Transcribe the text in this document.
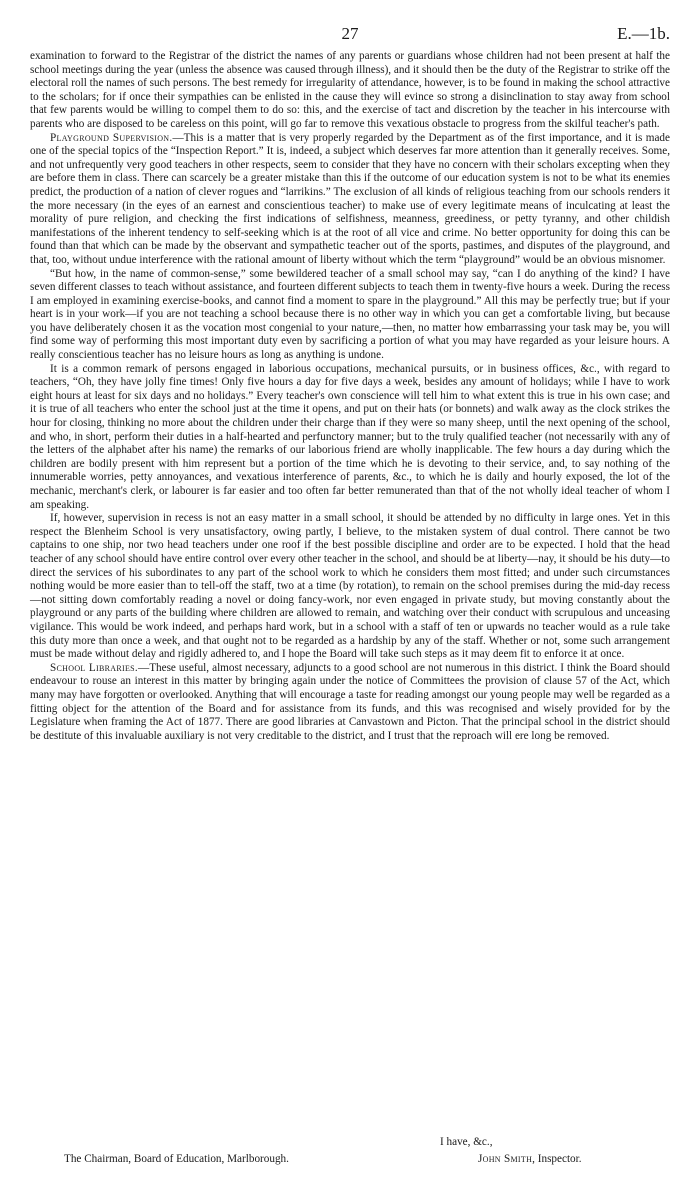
27	E.—1b.

examination to forward to the Registrar of the district the names of any parents or guardians whose children had not been present at half the school meetings during the year (unless the absence was caused through illness), and it should then be the duty of the Registrar to strike off the electoral roll the names of such persons. The best remedy for irregularity of attendance, however, is to be found in making the school attractive to the scholars; for if once their sympathies can be enlisted in the cause they will evince so strong a disinclination to stay away from school that few parents would be willing to compel them to do so: this, and the exercise of tact and discretion by the teacher in his intercourse with parents who are disposed to be careless on this point, will go far to remove this vexatious obstacle to progress from the skilful teacher's path.

Playground Supervision.—This is a matter that is very properly regarded by the Department as of the first importance, and it is made one of the special topics of the “Inspection Report.” It is, indeed, a subject which deserves far more attention than it generally receives. Some, and not unfrequently very good teachers in other respects, seem to consider that they have no concern with their scholars excepting when they are before them in class. There can scarcely be a greater mistake than this if the outcome of our education system is not to be what its enemies predict, the production of a nation of clever rogues and “larrikins.” The exclusion of all kinds of religious teaching from our schools renders it the more necessary (in the eyes of an earnest and conscientious teacher) to make use of every legitimate means of inculcating at least the morality of pure religion, and checking the first indications of selfishness, meanness, greediness, or petty tyranny, and other childish manifestations of the inherent tendency to self-seeking which is at the root of all vice and crime. No better opportunity for doing this can be found than that which can be made by the observant and sympathetic teacher out of the sports, pastimes, and disputes of the playground, and that, too, without undue interference with the rational amount of liberty without which the term “playground” would be an obvious misnomer.

“But how, in the name of common-sense,” some bewildered teacher of a small school may say, “can I do anything of the kind? I have seven different classes to teach without assistance, and fourteen different subjects to teach them in twenty-five hours a week. During the recess I am employed in examining exercise-books, and cannot find a moment to spare in the playground.” All this may be perfectly true; but if your heart is in your work—if you are not teaching a school because there is no other way in which you can get a comfortable living, but because you have deliberately chosen it as the vocation most congenial to your nature,—then, no matter how embarrassing your task may be, you will find some way of performing this most important duty even by sacrificing a portion of what you may have regarded as your leisure hours. A really conscientious teacher has no leisure hours as long as anything is undone.

It is a common remark of persons engaged in laborious occupations, mechanical pursuits, or in business offices, &c., with regard to teachers, “Oh, they have jolly fine times! Only five hours a day for five days a week, besides any amount of holidays; while I have to work eight hours at least for six days and no holidays.” Every teacher's own conscience will tell him to what extent this is true in his own case; and it is true of all teachers who enter the school just at the time it opens, and put on their hats (or bonnets) and walk away as the clock strikes the hour for closing, thinking no more about the children under their charge than if they were so many sheep, until the next opening of the school, and who, in short, perform their duties in a half-hearted and perfunctory manner; but to the truly qualified teacher (not necessarily with any of the letters of the alphabet after his name) the remarks of our laborious friend are wholly inapplicable. The few hours a day during which the children are bodily present with him represent but a portion of the time which he is devoting to their service, and, to say nothing of the innumerable worries, petty annoyances, and vexatious interference of parents, &c., to which he is daily and hourly exposed, the lot of the mechanic, merchant's clerk, or labourer is far easier and too often far better remunerated than that of the not wholly ideal teacher of whom I am speaking.

If, however, supervision in recess is not an easy matter in a small school, it should be attended by no difficulty in large ones. Yet in this respect the Blenheim School is very unsatisfactory, owing partly, I believe, to the mistaken system of dual control. There cannot be two captains to one ship, nor two head teachers under one roof if the best possible discipline and order are to be expected. I hold that the head teacher of any school should have entire control over every other teacher in the school, and should be at liberty—nay, it should be his duty—to direct the services of his subordinates to any part of the school work to which he considers them most fitted; and under such circumstances nothing would be more easier than to tell-off the staff, two at a time (by rotation), to remain on the school premises during the mid-day recess—not sitting down comfortably reading a novel or doing fancy-work, nor even engaged in private study, but moving constantly about the playground or any parts of the building where children are allowed to remain, and watching over their conduct with scrupulous and unceasing vigilance. This would be work indeed, and perhaps hard work, but in a school with a staff of ten or upwards no teacher would as a rule take this duty more than once a week, and that ought not to be regarded as a hardship by any of the staff. Whether or not, some such arrangement must be made without delay and rigidly adhered to, and I hope the Board will take such steps as it may deem fit to enforce it at once.

School Libraries.—These useful, almost necessary, adjuncts to a good school are not numerous in this district. I think the Board should endeavour to rouse an interest in this matter by bringing again under the notice of Committees the provision of clause 57 of the Act, which many may have forgotten or overlooked. Anything that will encourage a taste for reading amongst our young people may well be regarded as a fitting object for the attention of the Board and for assistance from its funds, and this was recognised and wisely provided for by the Legislature when framing the Act of 1877. There are good libraries at Canvastown and Picton. That the principal school in the district should be destitute of this invaluable auxiliary is not very creditable to the district, and I trust that the reproach will ere long be removed.

I have, &c.,
The Chairman, Board of Education, Marlborough.	John Smith, Inspector.
